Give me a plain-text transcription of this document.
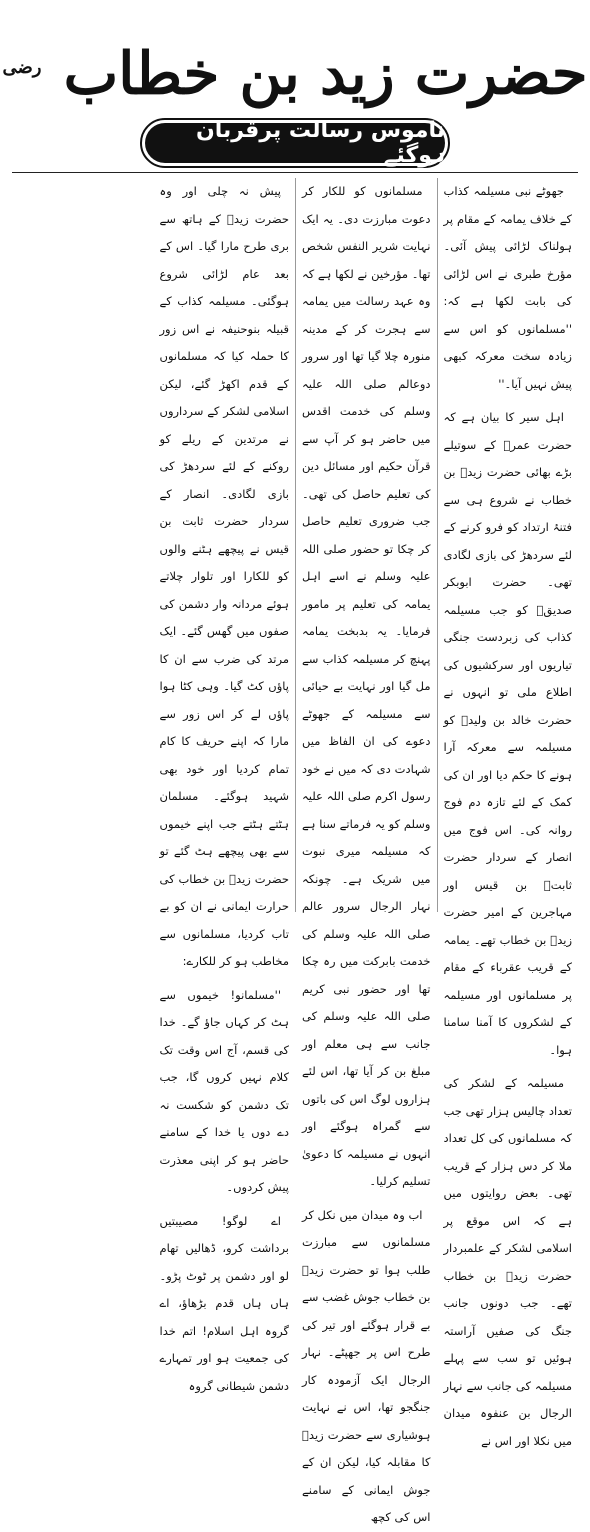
حضرت زید بن خطاب $^{رضی}$
ناموس رسالت پرقربان ہوگئے

جھوٹے نبی مسیلمہ کذاب کے خلاف یمامہ کے مقام پر ہولناک لڑائی پیش آئی۔ مؤرخ طبری نے اس لڑائی کی بابت لکھا ہے کہ: ''مسلمانوں کو اس سے زیادہ سخت معرکہ کبھی پیش نہیں آیا۔''

اہل سیر کا بیان ہے کہ حضرت عمرؓ کے سوتیلے بڑے بھائی حضرت زیدؓ بن خطاب نے شروع ہی سے فتنۂ ارتداد کو فرو کرنے کے لئے سردھڑ کی بازی لگادی تھی۔ حضرت ابوبکر صدیقؓ کو جب مسیلمہ کذاب کی زبردست جنگی تیاریوں اور سرکشیوں کی اطلاع ملی تو انہوں نے حضرت خالد بن ولیدؓ کو مسیلمہ سے معرکہ آرا ہونے کا حکم دیا اور ان کی کمک کے لئے تازہ دم فوج روانہ کی۔ اس فوج میں انصار کے سردار حضرت ثابتؓ بن قیس اور مہاجرین کے امیر حضرت زیدؓ بن خطاب تھے۔ یمامہ کے قریب عقرباء کے مقام پر مسلمانوں اور مسیلمہ کے لشکروں کا آمنا سامنا ہوا۔

مسیلمہ کے لشکر کی تعداد چالیس ہزار تھی جب کہ مسلمانوں کی کل تعداد ملا کر دس ہزار کے قریب تھی۔ بعض روایتوں میں ہے کہ اس موقع پر اسلامی لشکر کے علمبردار حضرت زیدؓ بن خطاب تھے۔ جب دونوں جانب جنگ کی صفیں آراستہ ہوئیں تو سب سے پہلے مسیلمہ کی جانب سے نہار الرجال بن عنفوہ میدان میں نکلا اور اس نے

مسلمانوں کو للکار کر دعوت مبارزت دی۔ یہ ایک نہایت شریر النفس شخص تھا۔ مؤرخین نے لکھا ہے کہ وہ عہد رسالت میں یمامہ سے ہجرت کر کے مدینہ منورہ چلا گیا تھا اور سرور دوعالم صلی اللہ علیہ وسلم کی خدمت اقدس میں حاضر ہو کر آپ سے قرآن حکیم اور مسائل دین کی تعلیم حاصل کی تھی۔ جب ضروری تعلیم حاصل کر چکا تو حضور صلی اللہ علیہ وسلم نے اسے اہل یمامہ کی تعلیم پر مامور فرمایا۔ یہ بدبخت یمامہ پہنچ کر مسیلمہ کذاب سے مل گیا اور نہایت بے حیائی سے مسیلمہ کے جھوٹے دعوے کی ان الفاظ میں شہادت دی کہ میں نے خود رسول اکرم صلی اللہ علیہ وسلم کو یہ فرماتے سنا ہے کہ مسیلمہ میری نبوت میں شریک ہے۔ چونکہ نہار الرجال سرور عالم صلی اللہ علیہ وسلم کی خدمت بابرکت میں رہ چکا تھا اور حضور نبی کریم صلی اللہ علیہ وسلم کی جانب سے ہی معلم اور مبلغ بن کر آیا تھا، اس لئے ہزاروں لوگ اس کی باتوں سے گمراہ ہوگئے اور انہوں نے مسیلمہ کا دعویٰ تسلیم کرلیا۔

اب وہ میدان میں نکل کر مسلمانوں سے مبارزت طلب ہوا تو حضرت زیدؓ بن خطاب جوش غضب سے بے قرار ہوگئے اور تیر کی طرح اس پر جھپٹے۔ نہار الرجال ایک آزمودہ کار جنگجو تھا، اس نے نہایت ہوشیاری سے حضرت زیدؓ کا مقابلہ کیا، لیکن ان کے جوش ایمانی کے سامنے اس کی کچھ

پیش نہ چلی اور وہ حضرت زیدؓ کے ہاتھ سے بری طرح مارا گیا۔ اس کے بعد عام لڑائی شروع ہوگئی۔ مسیلمہ کذاب کے قبیلہ بنوحنیفہ نے اس زور کا حملہ کیا کہ مسلمانوں کے قدم اکھڑ گئے، لیکن اسلامی لشکر کے سرداروں نے مرتدین کے ریلے کو روکنے کے لئے سردھڑ کی بازی لگادی۔ انصار کے سردار حضرت ثابت بن قیس نے پیچھے ہٹنے والوں کو للکارا اور تلوار چلاتے ہوئے مردانہ وار دشمن کی صفوں میں گھس گئے۔ ایک مرتد کی ضرب سے ان کا پاؤں کٹ گیا۔ وہی کٹا ہوا پاؤں لے کر اس زور سے مارا کہ اپنے حریف کا کام تمام کردیا اور خود بھی شہید ہوگئے۔ مسلمان ہٹتے ہٹتے جب اپنے خیموں سے بھی پیچھے ہٹ گئے تو حضرت زیدؓ بن خطاب کی حرارت ایمانی نے ان کو بے تاب کردیا، مسلمانوں سے مخاطب ہو کر للکارے:

''مسلمانو! خیموں سے ہٹ کر کہاں جاؤ گے۔ خدا کی قسم، آج اس وقت تک کلام نہیں کروں گا، جب تک دشمن کو شکست نہ دے دوں یا خدا کے سامنے حاضر ہو کر اپنی معذرت پیش کردوں۔

اے لوگو! مصیبتیں برداشت کرو، ڈھالیں تھام لو اور دشمن پر ٹوٹ پڑو۔ ہاں ہاں قدم بڑھاؤ، اے گروہ اہل اسلام! اتم خدا کی جمعیت ہو اور تمہارے دشمن شیطانی گروہ
